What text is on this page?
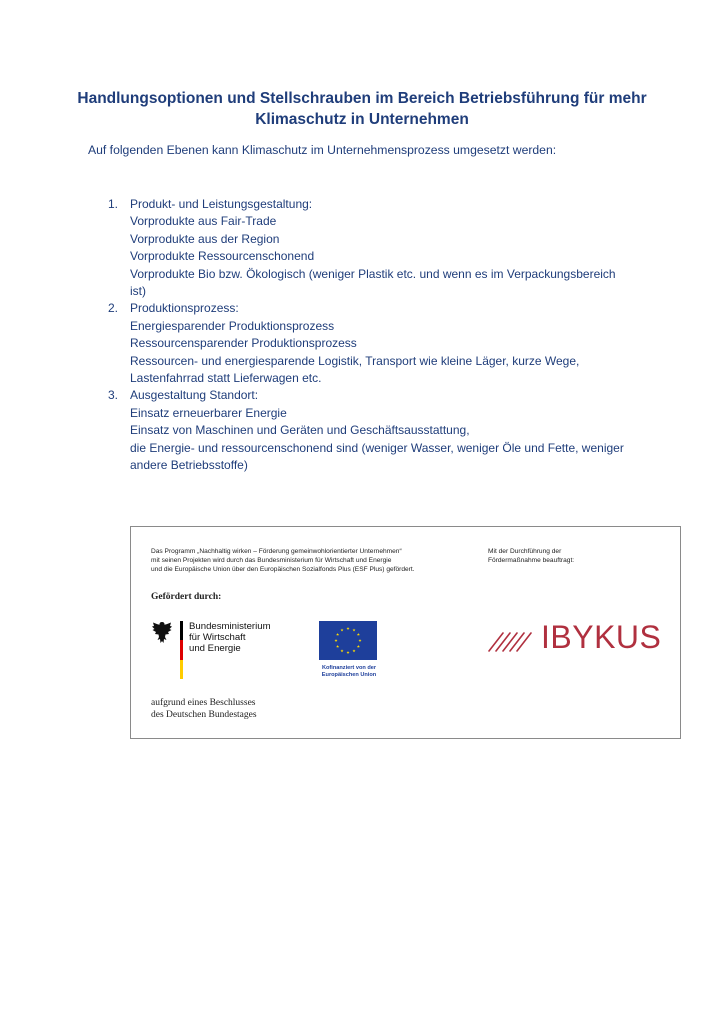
Handlungsoptionen und Stellschrauben im Bereich Betriebsführung für mehr
Klimaschutz in Unternehmen

Auf folgenden Ebenen kann Klimaschutz im Unternehmensprozess umgesetzt werden:

1. Produkt- und Leistungsgestaltung:
Vorprodukte aus Fair-Trade
Vorprodukte aus der Region
Vorprodukte Ressourcenschonend
Vorprodukte Bio bzw. Ökologisch (weniger Plastik etc. und wenn es im Verpackungsbereich
ist)
2. Produktionsprozess:
Energiesparender Produktionsprozess
Ressourcensparender Produktionsprozess
Ressourcen- und energiesparende Logistik, Transport wie kleine Läger, kurze Wege,
Lastenfahrrad statt Lieferwagen etc.
3. Ausgestaltung Standort:
Einsatz erneuerbarer Energie
Einsatz von Maschinen und Geräten und Geschäftsausstattung,
die Energie- und ressourcenschonend sind (weniger Wasser, weniger Öle und Fette, weniger
andere Betriebsstoffe)
Das Programm „Nachhaltig wirken – Förderung gemeinwohlorientierter Unternehmen“
mit seinen Projekten wird durch das Bundesministerium für Wirtschaft und Energie
und die Europäische Union über den Europäischen Sozialfonds Plus (ESF Plus) gefördert.
Mit der Durchführung der
Fördermaßnahme beauftragt:
Gefördert durch:
Bundesministerium
für Wirtschaft
und Energie
Kofinanziert von der
Europäischen Union
IBYKUS
aufgrund eines Beschlusses
des Deutschen Bundestages
